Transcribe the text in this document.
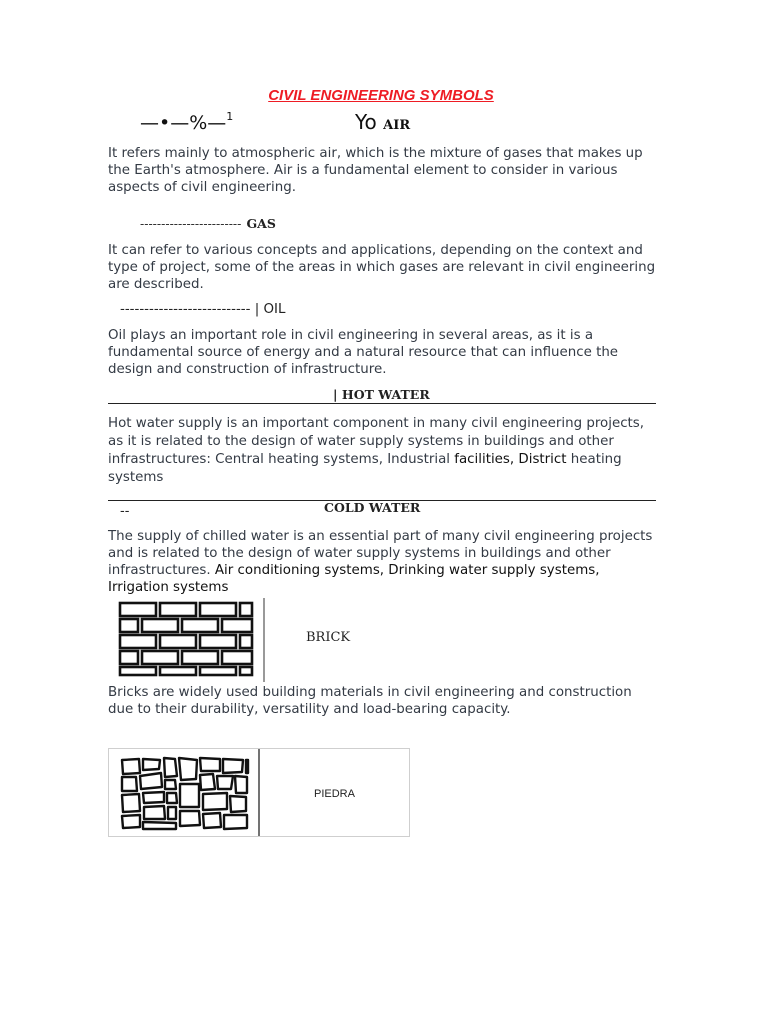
CIVIL ENGINEERING SYMBOLS
—•—%—$^1$	Yo AIR
It refers mainly to atmospheric air, which is the mixture of gases that makes up the Earth's atmosphere. Air is a fundamental element to consider in various aspects of civil engineering.
------------------------ GAS
It can refer to various concepts and applications, depending on the context and type of project, some of the areas in which gases are relevant in civil engineering are described.
--------------------------- | OIL
Oil plays an important role in civil engineering in several areas, as it is a fundamental source of energy and a natural resource that can influence the design and construction of infrastructure.
| HOT WATER
Hot water supply is an important component in many civil engineering projects, as it is related to the design of water supply systems in buildings and other infrastructures: Central heating systems, Industrial facilities, District heating systems
--	COLD WATER
The supply of chilled water is an essential part of many civil engineering projects and is related to the design of water supply systems in buildings and other infrastructures. Air conditioning systems, Drinking water supply systems, Irrigation systems
BRICK
Bricks are widely used building materials in civil engineering and construction due to their durability, versatility and load-bearing capacity.
PIEDRA
